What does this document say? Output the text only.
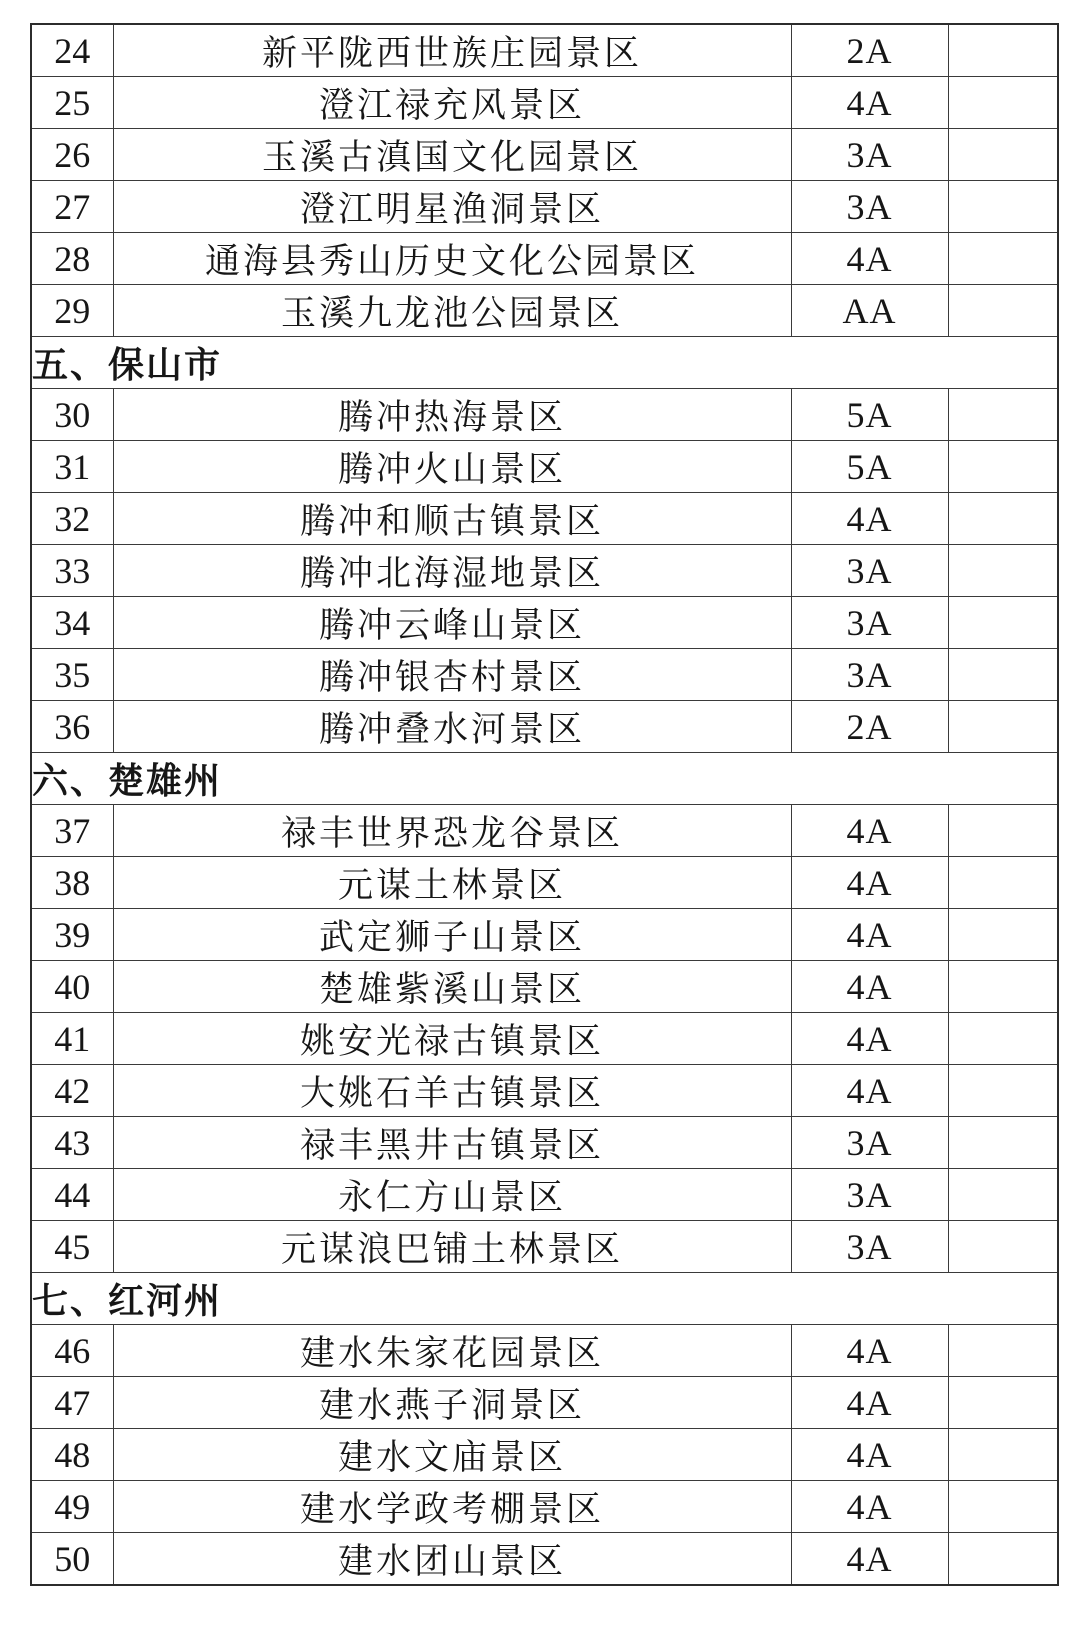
24	新平陇西世族庄园景区	2A	
25	澄江禄充风景区	4A	
26	玉溪古滇国文化园景区	3A	
27	澄江明星渔洞景区	3A	
28	通海县秀山历史文化公园景区	4A	
29	玉溪九龙池公园景区	AA	
五、保山市			
30	腾冲热海景区	5A	
31	腾冲火山景区	5A	
32	腾冲和顺古镇景区	4A	
33	腾冲北海湿地景区	3A	
34	腾冲云峰山景区	3A	
35	腾冲银杏村景区	3A	
36	腾冲叠水河景区	2A	
六、楚雄州			
37	禄丰世界恐龙谷景区	4A	
38	元谋土林景区	4A	
39	武定狮子山景区	4A	
40	楚雄紫溪山景区	4A	
41	姚安光禄古镇景区	4A	
42	大姚石羊古镇景区	4A	
43	禄丰黑井古镇景区	3A	
44	永仁方山景区	3A	
45	元谋浪巴铺土林景区	3A	
七、红河州			
46	建水朱家花园景区	4A	
47	建水燕子洞景区	4A	
48	建水文庙景区	4A	
49	建水学政考棚景区	4A	
50	建水团山景区	4A	
